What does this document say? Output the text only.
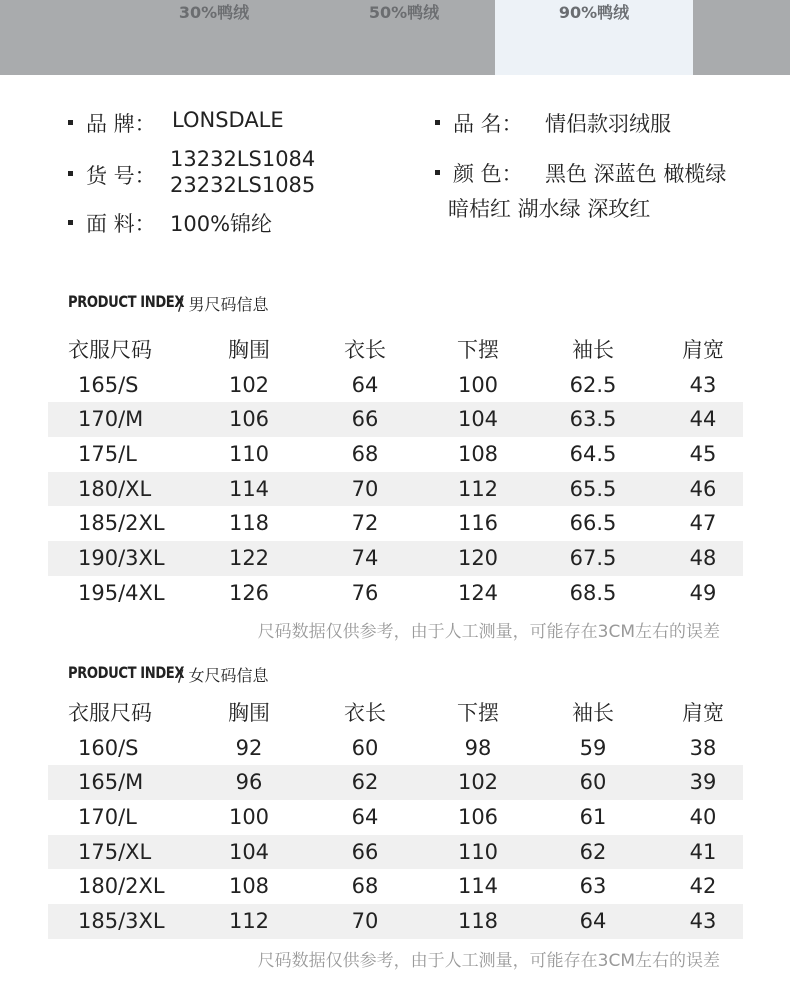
30%鸭绒	50%鸭绒	90%鸭绒
品 牌： LONSDALE	品 名： 情侣款羽绒服
货 号：
13232LS1084
23232LS1085	颜 色： 黑色 深蓝色 橄榄绿
暗桔红 湖水绿 深玫红
面 料： 100%锦纶
PRODUCT INDEX
/ 男尺码信息
衣服尺码	胸围	衣长	下摆	袖长	肩宽
165/S	102	64	100	62.5	43
170/M	106	66	104	63.5	44
175/L	110	68	108	64.5	45
180/XL	114	70	112	65.5	46
185/2XL	118	72	116	66.5	47
190/3XL	122	74	120	67.5	48
195/4XL	126	76	124	68.5	49
尺码数据仅供参考，由于人工测量，可能存在3CM左右的误差
PRODUCT INDEX
/ 女尺码信息
衣服尺码	胸围	衣长	下摆	袖长	肩宽
160/S	92	60	98	59	38
165/M	96	62	102	60	39
170/L	100	64	106	61	40
175/XL	104	66	110	62	41
180/2XL	108	68	114	63	42
185/3XL	112	70	118	64	43
尺码数据仅供参考，由于人工测量，可能存在3CM左右的误差
